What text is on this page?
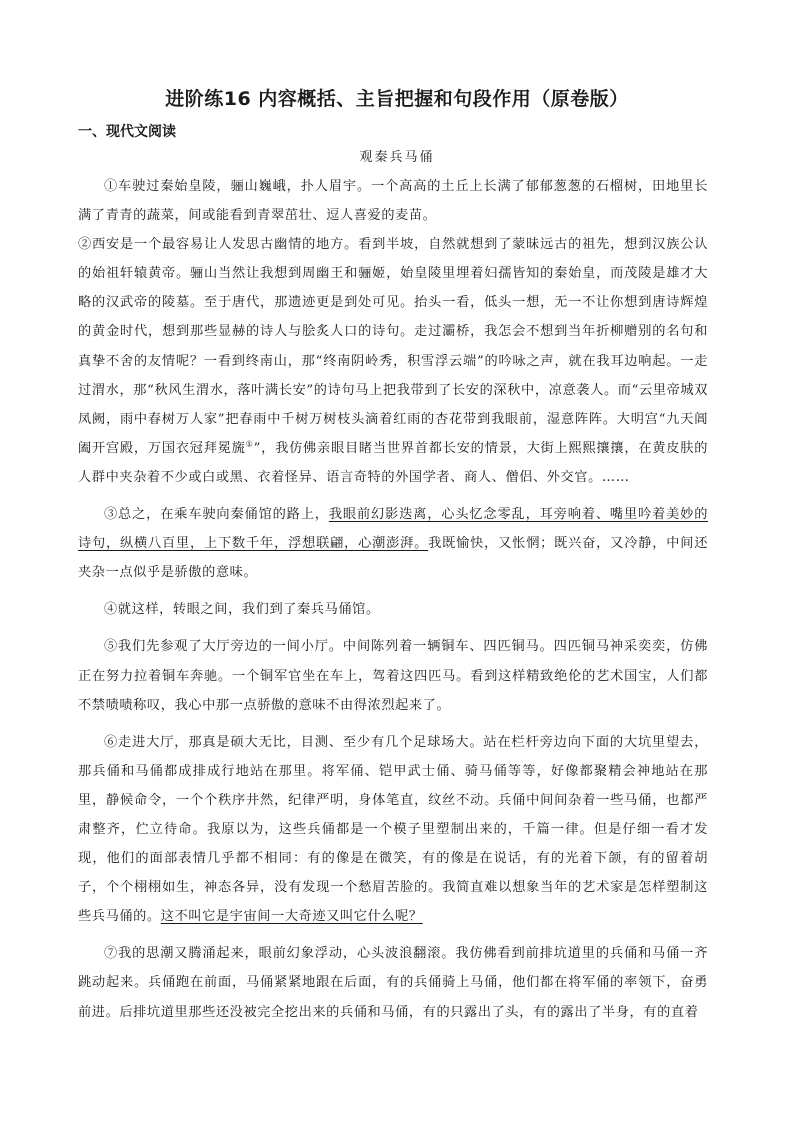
进阶练16 内容概括、主旨把握和句段作用（原卷版）
一、现代文阅读
观秦兵马俑

①车驶过秦始皇陵，骊山巍峨，扑人眉宇。一个高高的土丘上长满了郁郁葱葱的石榴树，田地里长满了青青的蔬菜，间或能看到青翠茁壮、逗人喜爱的麦苗。

②西安是一个最容易让人发思古幽情的地方。看到半坡，自然就想到了蒙昧远古的祖先，想到汉族公认的始祖轩辕黄帝。骊山当然让我想到周幽王和骊姬，始皇陵里埋着妇孺皆知的秦始皇，而茂陵是雄才大略的汉武帝的陵墓。至于唐代，那遗迹更是到处可见。抬头一看，低头一想，无一不让你想到唐诗辉煌的黄金时代，想到那些显赫的诗人与脍炙人口的诗句。走过灞桥，我怎会不想到当年折柳赠别的名句和真挚不舍的友情呢？一看到终南山，那“终南阴岭秀，积雪浮云端”的吟咏之声，就在我耳边响起。一走过渭水，那“秋风生渭水，落叶满长安”的诗句马上把我带到了长安的深秋中，凉意袭人。而“云里帝城双凤阙，雨中春树万人家”把春雨中千树万树枝头滴着红雨的杏花带到我眼前，湿意阵阵。大明宫“九天阊阖开宫殿，万国衣冠拜冕旒①”，我仿佛亲眼目睹当世界首都长安的情景，大街上熙熙攘攘，在黄皮肤的人群中夹杂着不少或白或黑、衣着怪异、语言奇特的外国学者、商人、僧侣、外交官。……

③总之，在乘车驶向秦俑馆的路上，我眼前幻影迭离，心头忆念零乱，耳旁响着、嘴里吟着美妙的诗句，纵横八百里，上下数千年，浮想联翩，心潮澎湃。我既愉快，又怅惘；既兴奋，又冷静，中间还夹杂一点似乎是骄傲的意味。

④就这样，转眼之间，我们到了秦兵马俑馆。

⑤我们先参观了大厅旁边的一间小厅。中间陈列着一辆铜车、四匹铜马。四匹铜马神采奕奕，仿佛正在努力拉着铜车奔驰。一个铜军官坐在车上，驾着这四匹马。看到这样精致绝伦的艺术国宝，人们都不禁啧啧称叹，我心中那一点骄傲的意味不由得浓烈起来了。

⑥走进大厅，那真是硕大无比，目测、至少有几个足球场大。站在栏杆旁边向下面的大坑里望去，那兵俑和马俑都成排成行地站在那里。将军俑、铠甲武士俑、骑马俑等等，好像都聚精会神地站在那里，静候命令，一个个秩序井然，纪律严明，身体笔直，纹丝不动。兵俑中间间杂着一些马俑，也都严肃整齐，伫立待命。我原以为，这些兵俑都是一个模子里塑制出来的，千篇一律。但是仔细一看才发现，他们的面部表情几乎都不相同：有的像是在微笑，有的像是在说话，有的光着下颌，有的留着胡子，个个栩栩如生，神态各异，没有发现一个愁眉苦脸的。我简直难以想象当年的艺术家是怎样塑制这些兵马俑的。这不叫它是宇宙间一大奇迹又叫它什么呢？

⑦我的思潮又腾涌起来，眼前幻象浮动，心头波浪翻滚。我仿佛看到前排坑道里的兵俑和马俑一齐跳动起来。兵俑跑在前面，马俑紧紧地跟在后面，有的兵俑骑上马俑，他们都在将军俑的率领下，奋勇前进。后排坑道里那些还没被完全挖出来的兵俑和马俑，有的只露出了头，有的露出了半身，有的直着
